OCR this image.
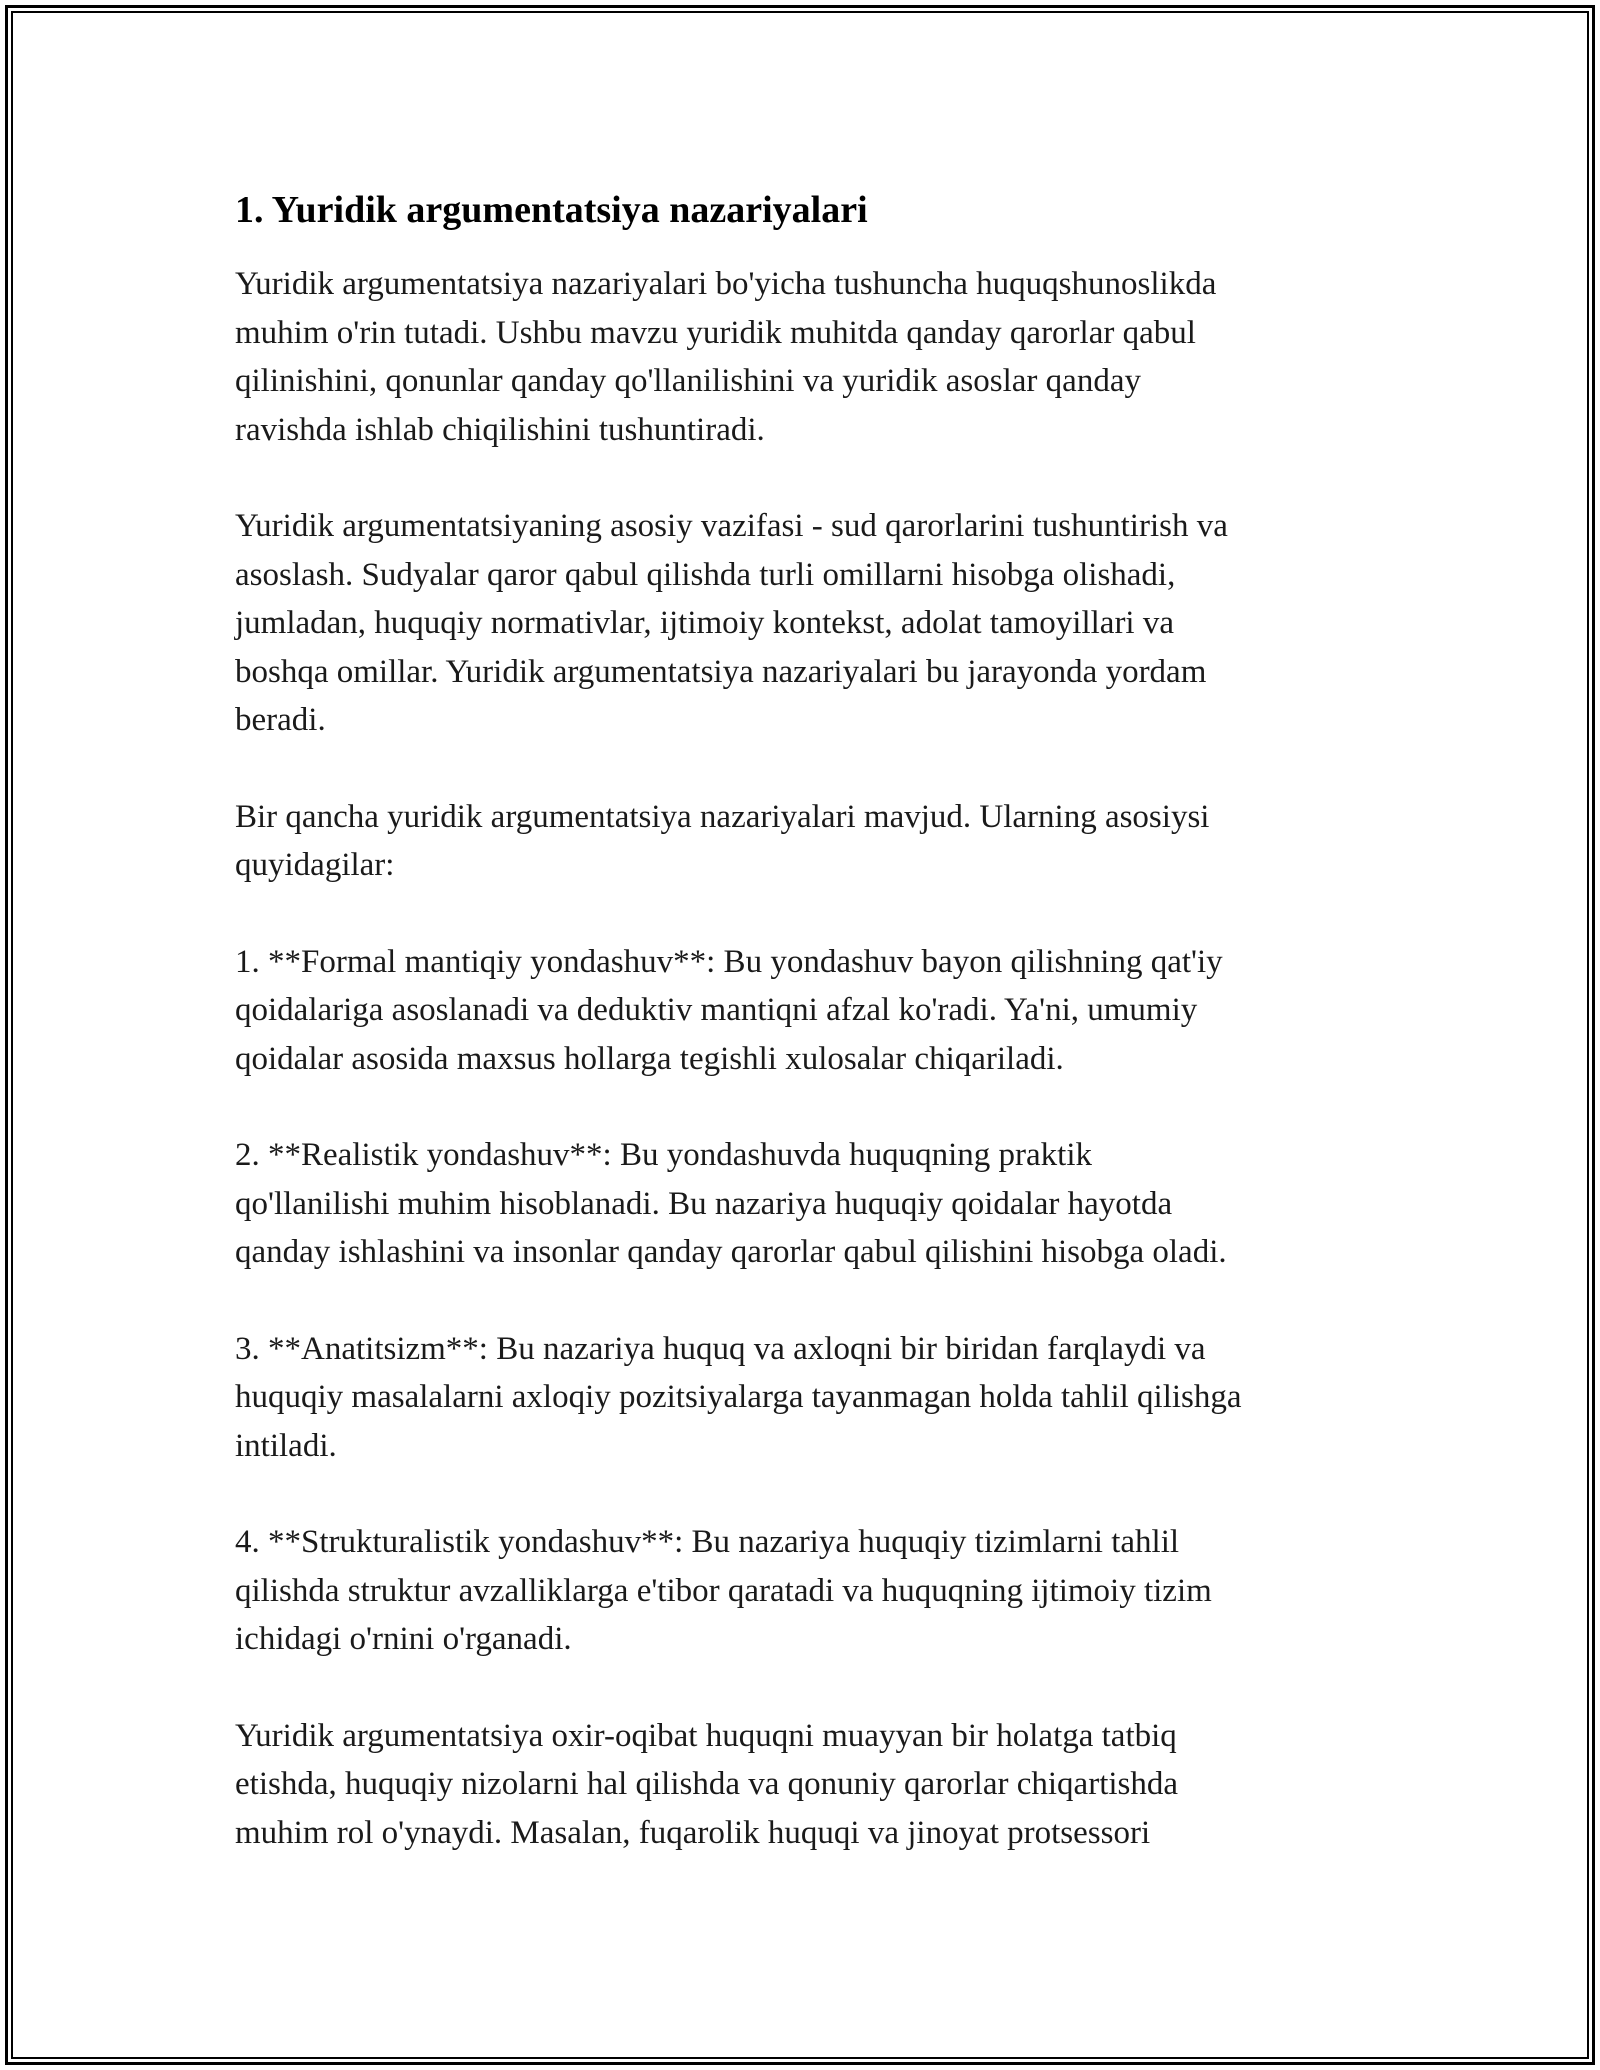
1. Yuridik argumentatsiya nazariyalari

Yuridik argumentatsiya nazariyalari bo'yicha tushuncha huquqshunoslikda
muhim o'rin tutadi. Ushbu mavzu yuridik muhitda qanday qarorlar qabul
qilinishini, qonunlar qanday qo'llanilishini va yuridik asoslar qanday
ravishda ishlab chiqilishini tushuntiradi.

Yuridik argumentatsiyaning asosiy vazifasi - sud qarorlarini tushuntirish va
asoslash. Sudyalar qaror qabul qilishda turli omillarni hisobga olishadi,
jumladan, huquqiy normativlar, ijtimoiy kontekst, adolat tamoyillari va
boshqa omillar. Yuridik argumentatsiya nazariyalari bu jarayonda yordam
beradi.

Bir qancha yuridik argumentatsiya nazariyalari mavjud. Ularning asosiysi
quyidagilar:

1. **Formal mantiqiy yondashuv**: Bu yondashuv bayon qilishning qat'iy
qoidalariga asoslanadi va deduktiv mantiqni afzal ko'radi. Ya'ni, umumiy
qoidalar asosida maxsus hollarga tegishli xulosalar chiqariladi.

2. **Realistik yondashuv**: Bu yondashuvda huquqning praktik
qo'llanilishi muhim hisoblanadi. Bu nazariya huquqiy qoidalar hayotda
qanday ishlashini va insonlar qanday qarorlar qabul qilishini hisobga oladi.

3. **Anatitsizm**: Bu nazariya huquq va axloqni bir biridan farqlaydi va
huquqiy masalalarni axloqiy pozitsiyalarga tayanmagan holda tahlil qilishga
intiladi.

4. **Strukturalistik yondashuv**: Bu nazariya huquqiy tizimlarni tahlil
qilishda struktur avzalliklarga e'tibor qaratadi va huquqning ijtimoiy tizim
ichidagi o'rnini o'rganadi.

Yuridik argumentatsiya oxir-oqibat huquqni muayyan bir holatga tatbiq
etishda, huquqiy nizolarni hal qilishda va qonuniy qarorlar chiqartishda
muhim rol o'ynaydi. Masalan, fuqarolik huquqi va jinoyat protsessori
